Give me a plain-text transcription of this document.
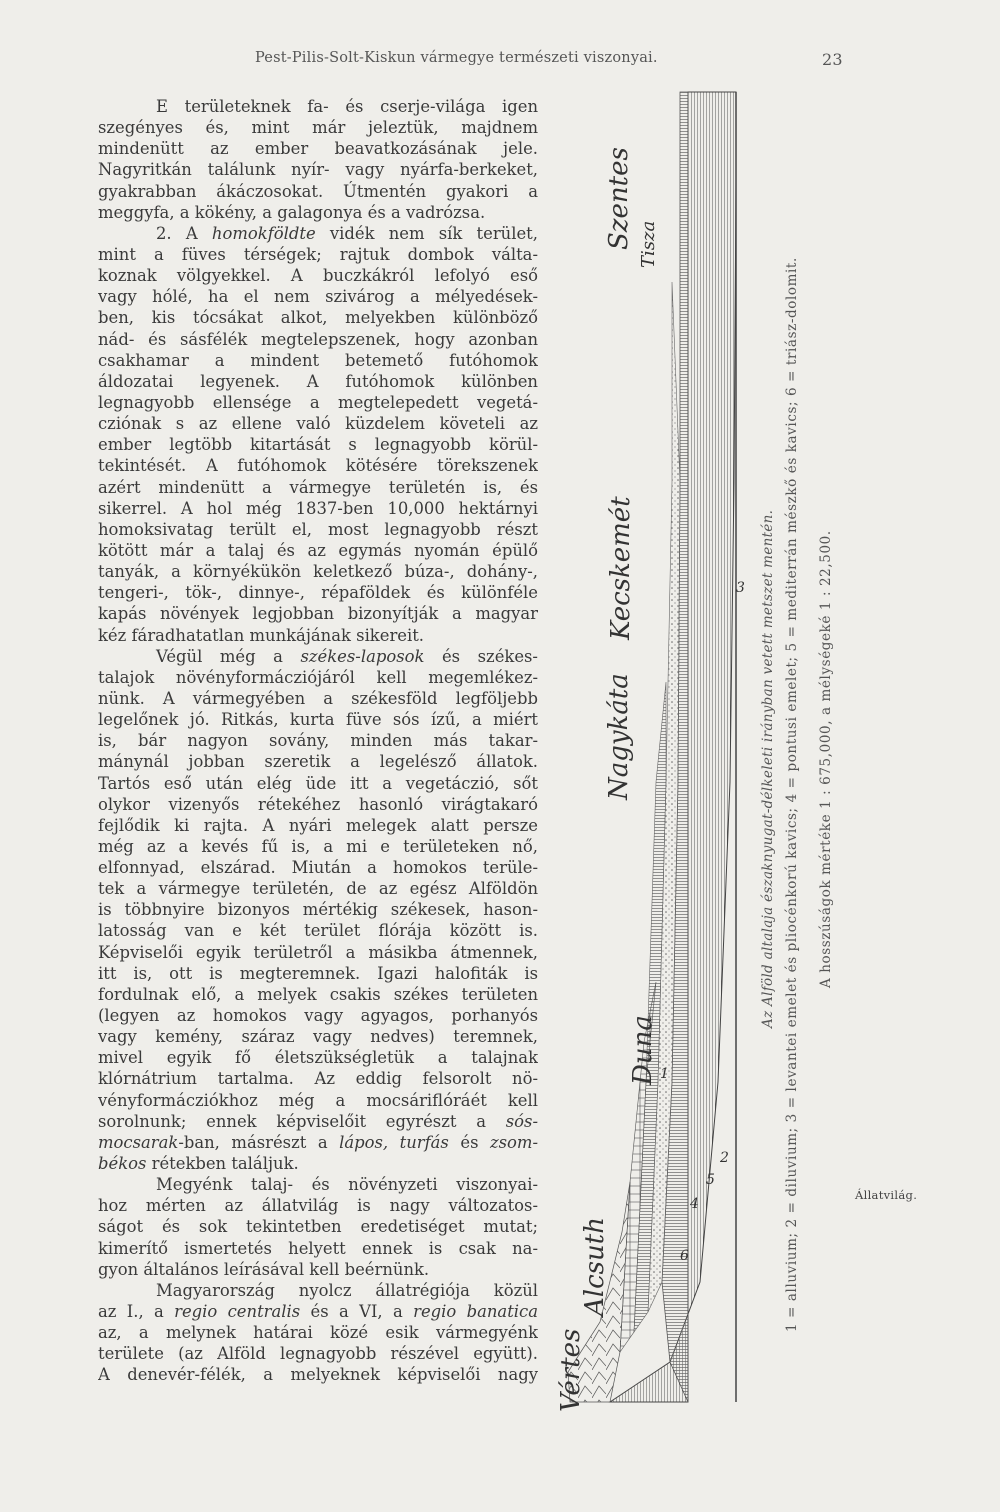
Pest-Pilis-Solt-Kiskun vármegye természeti viszonyai.	23
E területeknek fa- és cserje-világa igen
szegényes és, mint már jeleztük, majdnem
mindenütt az ember beavatkozásának jele.
Nagyritkán találunk nyír- vagy nyárfa-berkeket,
gyakrabban ákáczosokat. Útmentén gyakori a
meggyfa, a kökény, a galagonya és a vadrózsa.
2. A homokföldte vidék nem sík terület,
mint a füves térségek; rajtuk dombok válta-
koznak völgyekkel. A buczkákról lefolyó eső
vagy hólé, ha el nem szivárog a mélyedések-
ben, kis tócsákat alkot, melyekben különböző
nád- és sásfélék megtelepszenek, hogy azonban
csakhamar a mindent betemető futóhomok
áldozatai legyenek. A futóhomok különben
legnagyobb ellensége a megtelepedett vegetá-
cziónak s az ellene való küzdelem követeli az
ember legtöbb kitartását s legnagyobb körül-
tekintését. A futóhomok kötésére törekszenek
azért mindenütt a vármegye területén is, és
sikerrel. A hol még 1837-ben 10,000 hektárnyi
homoksivatag terült el, most legnagyobb részt
kötött már a talaj és az egymás nyomán épülő
tanyák, a környékükön keletkező búza-, dohány-,
tengeri-, tök-, dinnye-, répaföldek és különféle
kapás növények legjobban bizonyítják a magyar
kéz fáradhatatlan munkájának sikereit.
Végül még a székes-laposok és székes-
talajok növényformácziójáról kell megemlékez-
nünk. A vármegyében a székesföld legföljebb
legelőnek jó. Ritkás, kurta füve sós ízű, a miért
is, bár nagyon sovány, minden más takar-
mánynál jobban szeretik a legelésző állatok.
Tartós eső után elég üde itt a vegetáczió, sőt
olykor vizenyős rétekéhez hasonló virágtakaró
fejlődik ki rajta. A nyári melegek alatt persze
még az a kevés fű is, a mi e területeken nő,
elfonnyad, elszárad. Miután a homokos terüle-
tek a vármegye területén, de az egész Alföldön
is többnyire bizonyos mértékig székesek, hason-
latosság van e két terület flórája között is.
Képviselői egyik területről a másikba átmennek,
itt is, ott is megteremnek. Igazi halofiták is
fordulnak elő, a melyek csakis székes területen
(legyen az homokos vagy agyagos, porhanyós
vagy kemény, száraz vagy nedves) teremnek,
mivel egyik fő életszükségletük a talajnak
klórnátrium tartalma. Az eddig felsorolt nö-
vényformácziókhoz még a mocsáriflóráét kell
sorolnunk; ennek képviselőit egyrészt a sós-
mocsarak-ban, másrészt a lápos, turfás és zsom-
békos rétekben találjuk.
Megyénk talaj- és növényzeti viszonyai-
hoz mérten az állatvilág is nagy változatos-
ságot és sok tekintetben eredetiséget mutat;
kimerítő ismertetés helyett ennek is csak na-
gyon általános leírásával kell beérnünk.
Magyarország nyolcz állatrégiója közül
az I., a regio centralis és a VI, a regio banatica
az, a melynek határai közé esik vármegyénk
területe (az Alföld legnagyobb részével együtt).
A denevér-félék, a melyeknek képviselői nagy
Szentes Tisza
Kecskemét
Nagykáta
Duna
Alcsuth
Vértes
1
2
3
4
5
6
Az Alföld altalaja északnyugat-délkeleti irányban vetett metszet mentén. 1 = alluvium; 2 = diluvium; 3 = levantei emelet és pliocénkorú kavics; 4 = pontusi emelet; 5 = mediterrán mészkő és kavics; 6 = triász-dolomit. A hosszúságok mértéke 1 : 675,000, a mélységeké 1 : 22,500.
Állatvilág.
